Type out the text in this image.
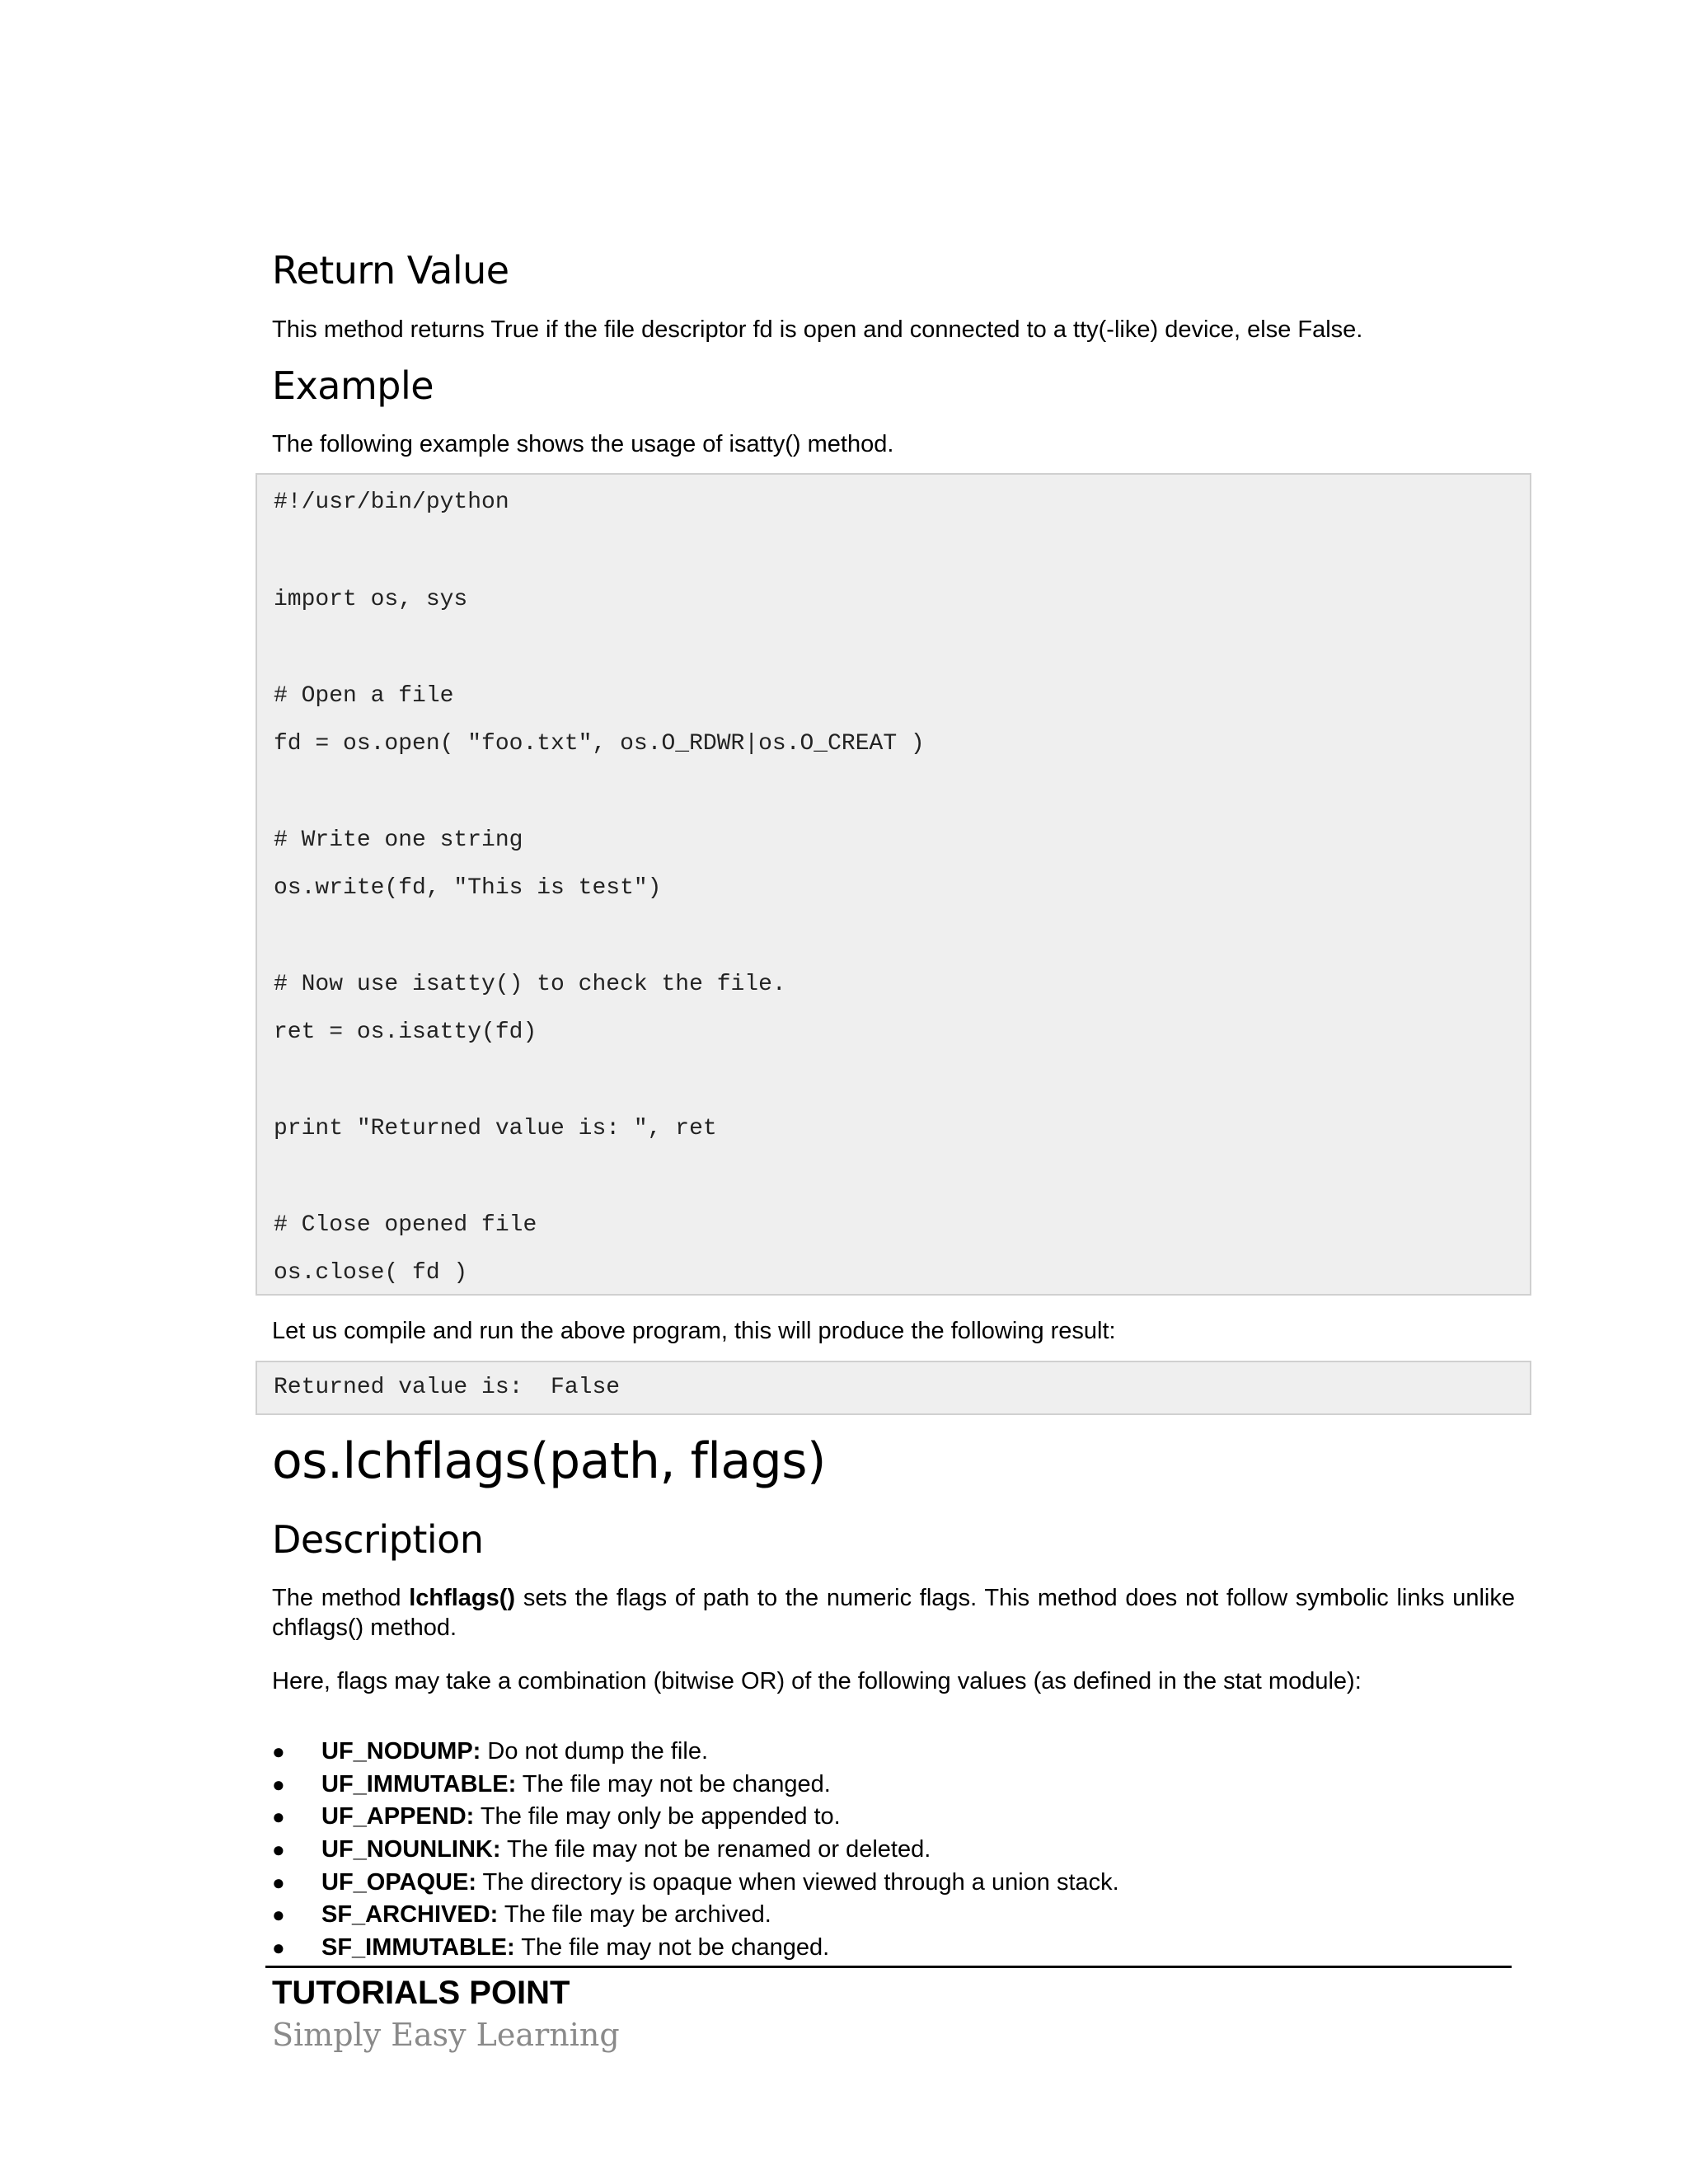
Return Value

This method returns True if the file descriptor fd is open and connected to a tty(-like) device, else False.

Example

The following example shows the usage of isatty() method.

#!/usr/bin/python
import os, sys
# Open a file
fd = os.open( "foo.txt", os.O_RDWR|os.O_CREAT )
# Write one string
os.write(fd, "This is test")
# Now use isatty() to check the file.
ret = os.isatty(fd)
print "Returned value is: ", ret
# Close opened file
os.close( fd )

Let us compile and run the above program, this will produce the following result:

Returned value is:  False
os.lchflags(path, flags)
Description

The method lchflags() sets the flags of path to the numeric flags. This method does not follow symbolic links unlike chflags() method.

Here, flags may take a combination (bitwise OR) of the following values (as defined in the stat module):

● UF_NODUMP: Do not dump the file.
● UF_IMMUTABLE: The file may not be changed.
● UF_APPEND: The file may only be appended to.
● UF_NOUNLINK: The file may not be renamed or deleted.
● UF_OPAQUE: The directory is opaque when viewed through a union stack.
● SF_ARCHIVED: The file may be archived.
● SF_IMMUTABLE: The file may not be changed.
TUTORIALS POINT
Simply Easy Learning
